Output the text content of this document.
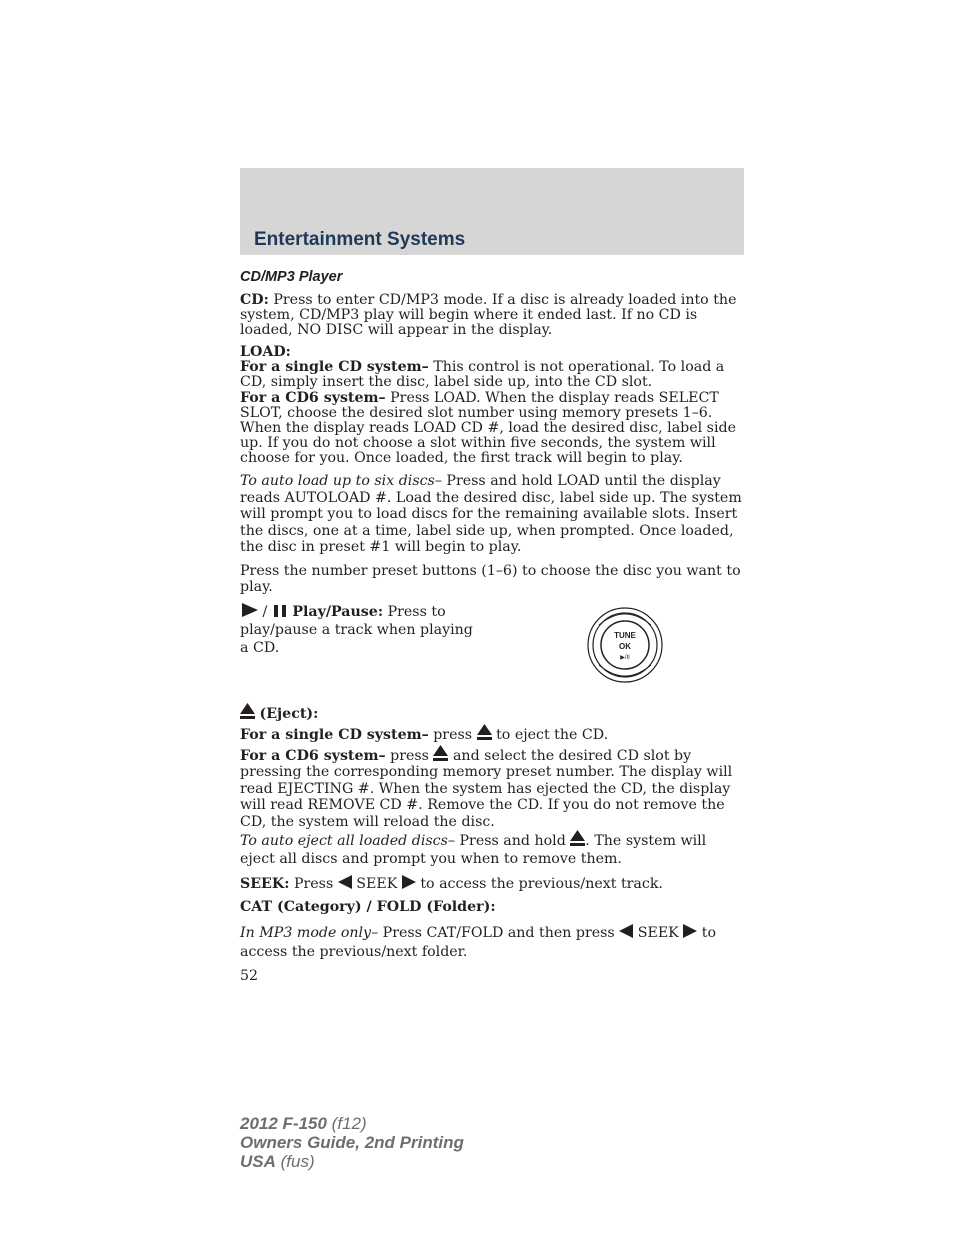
Entertainment Systems
CD/MP3 Player

CD: Press to enter CD/MP3 mode. If a disc is already loaded into the system, CD/MP3 play will begin where it ended last. If no CD is loaded, NO DISC will appear in the display.

LOAD:

For a single CD system– This control is not operational. To load a CD, simply insert the disc, label side up, into the CD slot.

For a CD6 system– Press LOAD. When the display reads SELECT SLOT, choose the desired slot number using memory presets 1–6. When the display reads LOAD CD #, load the desired disc, label side up. If you do not choose a slot within five seconds, the system will choose for you. Once loaded, the first track will begin to play.

To auto load up to six discs– Press and hold LOAD until the display reads AUTOLOAD #. Load the desired disc, label side up. The system will prompt you to load discs for the remaining available slots. Insert the discs, one at a time, label side up, when prompted. Once loaded, the disc in preset #1 will begin to play.

Press the number preset buttons (1–6) to choose the disc you want to play.

/  Play/Pause: Press to play/pause a track when playing a CD.

TUNE
OK
▶/II

(Eject):

For a single CD system– press  to eject the CD.

For a CD6 system– press  and select the desired CD slot by pressing the corresponding memory preset number. The display will read EJECTING #. When the system has ejected the CD, the display will read REMOVE CD #. Remove the CD. If you do not remove the CD, the system will reload the disc.

To auto eject all loaded discs– Press and hold . The system will eject all discs and prompt you when to remove them.

SEEK: Press  SEEK  to access the previous/next track.

CAT (Category) / FOLD (Folder):

In MP3 mode only– Press CAT/FOLD and then press  SEEK  to access the previous/next folder.

52
2012 F-150 (f12)
Owners Guide, 2nd Printing
USA (fus)
